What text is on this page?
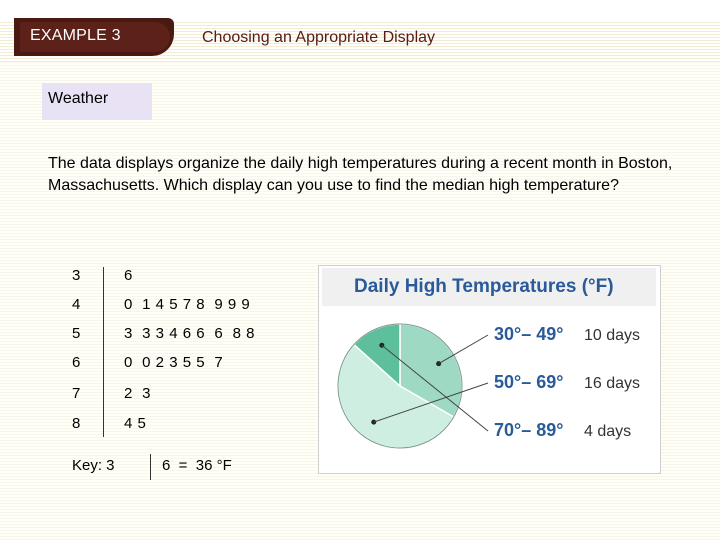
EXAMPLE 3	Choosing an Appropriate Display
Weather
The data displays organize the daily high temperatures during a recent month in Boston, Massachusetts. Which display can you use to find the median high temperature?
3	6
4	0  1 4 5 7 8  9 9 9
5	3  3 3 4 6 6  6  8 8
6	0  0 2 3 5 5  7
7	2  3
8	4 5
Key: 3	6  =  36 °F
Daily High Temperatures (°F)
30°– 49° 10 days
50°– 69° 16 days
70°– 89° 4 days
